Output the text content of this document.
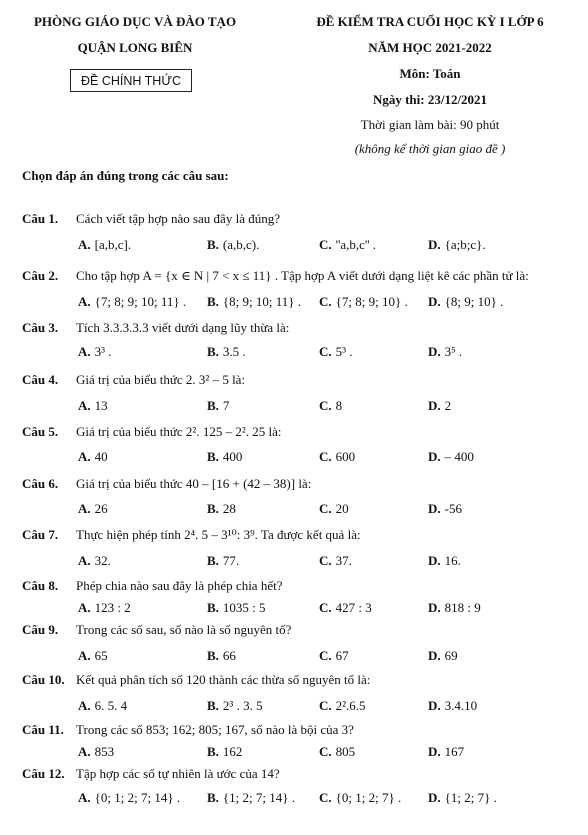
PHÒNG GIÁO DỤC VÀ ĐÀO TẠO
QUẬN LONG BIÊN
ĐỀ CHÍNH THỨC
ĐỀ KIỂM TRA CUỐI HỌC KỲ I LỚP 6
NĂM HỌC 2021-2022
Môn: Toán
Ngày thi: 23/12/2021
Thời gian làm bài: 90 phút
(không kể thời gian giao đề )
Chọn đáp án đúng trong các câu sau:
Câu 1. Cách viết tập hợp nào sau đây là đúng?
A. [a,b,c].	B. (a,b,c).	C. ''a,b,c'' .	D. {a;b;c}.
Câu 2. Cho tập hợp A = {x ∈ N | 7 < x ≤ 11} . Tập hợp A viết dưới dạng liệt kê các phần tử là:
A. {7; 8; 9; 10; 11} . B. {8; 9; 10; 11} . C. {7; 8; 9; 10} . D. {8; 9; 10} .
Câu 3. Tích 3.3.3.3.3 viết dưới dạng lũy thừa là:
A. 3³ .	B. 3.5 .	C. 5³ .	D. 3⁵ .
Câu 4. Giá trị của biểu thức 2. 3² – 5 là:
A. 13	B. 7	C. 8	D. 2
Câu 5. Giá trị của biểu thức 2². 125 – 2². 25 là:
A. 40	B. 400	C. 600	D. – 400
Câu 6. Giá trị của biểu thức 40 – [16 + (42 – 38)] là:
A. 26	B. 28	C. 20	D. -56
Câu 7. Thực hiện phép tính 2⁴. 5 – 3¹⁰: 3⁹. Ta được kết quả là:
A. 32.	B. 77.	C. 37.	D. 16.
Câu 8. Phép chia nào sau đây là phép chia hết?
A. 123 : 2	B. 1035 : 5	C. 427 : 3	D. 818 : 9
Câu 9. Trong các số sau, số nào là số nguyên tố?
A. 65	B. 66	C. 67	D. 69
Câu 10. Kết quả phân tích số 120 thành các thừa số nguyên tố là:
A. 6. 5. 4	B. 2³ . 3. 5	C. 2².6.5	D. 3.4.10
Câu 11. Trong các số 853; 162; 805; 167, số nào là bội của 3?
A. 853	B. 162	C. 805	D. 167
Câu 12. Tập hợp các số tự nhiên là ước của 14?
A. {0; 1; 2; 7; 14} . B. {1; 2; 7; 14} . C. {0; 1; 2; 7} . D. {1; 2; 7} .
